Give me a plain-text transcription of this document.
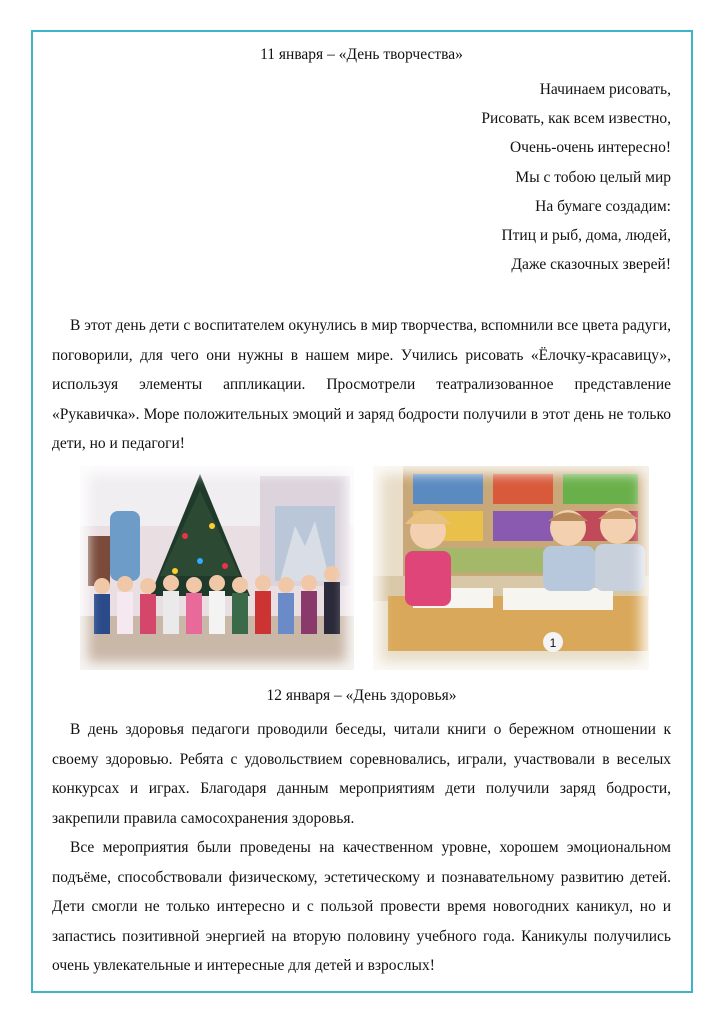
11 января – «День творчества»
Начинаем рисовать,
Рисовать, как всем известно,
Очень-очень интересно!
Мы с тобою целый мир
На бумаге создадим:
Птиц и рыб, дома, людей,
Даже сказочных зверей!

В этот день дети с воспитателем окунулись в мир творчества, вспомнили все цвета радуги, поговорили, для чего они нужны в нашем мире. Учились рисовать «Ёлочку-красавицу», используя элементы аппликации. Просмотрели театрализованное представление «Рукавичка». Море положительных эмоций и заряд бодрости получили в этот день не только дети, но и педагоги!

1
12 января – «День здоровья»

В день здоровья педагоги проводили беседы, читали книги о бережном отношении к своему здоровью. Ребята с удовольствием соревновались, играли, участвовали в веселых конкурсах и играх. Благодаря данным мероприятиям дети получили заряд бодрости, закрепили правила самосохранения здоровья.

Все мероприятия были проведены на качественном уровне, хорошем эмоциональном подъёме, способствовали физическому, эстетическому и познавательному развитию детей. Дети смогли не только интересно и с пользой провести время новогодних каникул, но и запастись позитивной энергией на вторую половину учебного года. Каникулы получились очень увлекательные и интересные для детей и взрослых!
